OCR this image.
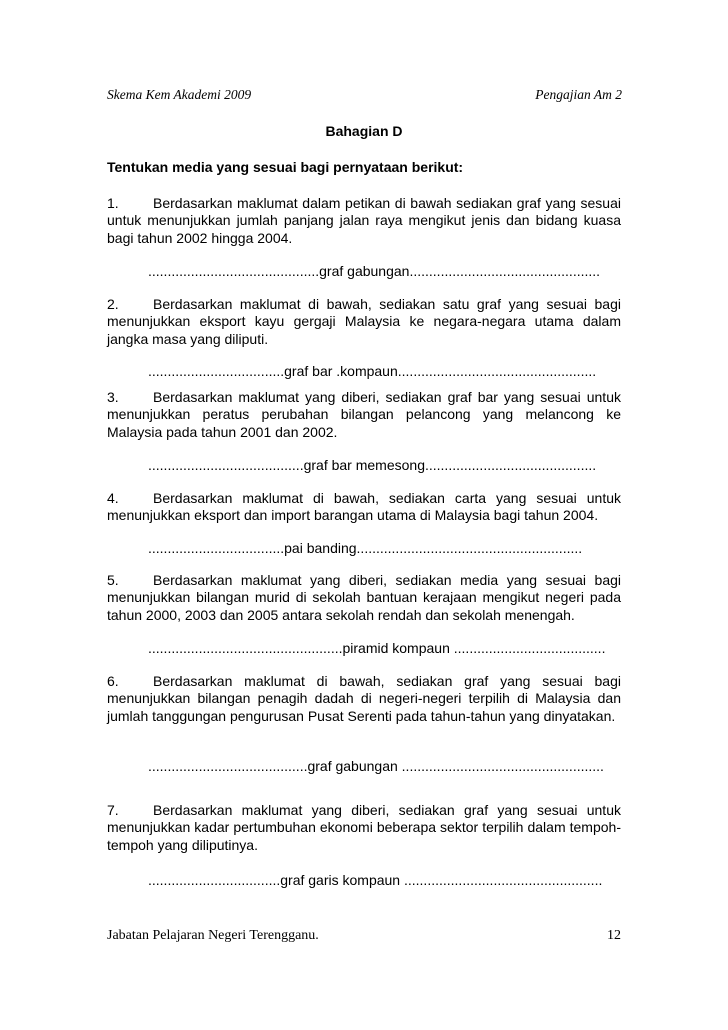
Skema Kem Akademi 2009	Pengajian Am 2
Bahagian D
Tentukan media yang sesuai bagi pernyataan berikut:
1. Berdasarkan maklumat dalam petikan di bawah sediakan graf yang sesuai untuk menunjukkan jumlah panjang jalan raya mengikut jenis dan bidang kuasa bagi tahun 2002 hingga 2004.
............................................graf gabungan.................................................
2. Berdasarkan maklumat di bawah, sediakan satu graf yang sesuai bagi menunjukkan eksport kayu gergaji Malaysia ke negara-negara utama dalam jangka masa yang diliputi.
...................................graf bar .kompaun...................................................
3. Berdasarkan maklumat yang diberi, sediakan graf bar yang sesuai untuk menunjukkan peratus perubahan bilangan pelancong yang melancong ke Malaysia pada tahun 2001 dan 2002.
........................................graf bar memesong............................................
4. Berdasarkan maklumat di bawah, sediakan carta yang sesuai untuk menunjukkan eksport dan import barangan utama di Malaysia bagi tahun 2004.
...................................pai banding..........................................................
5. Berdasarkan maklumat yang diberi, sediakan media yang sesuai bagi menunjukkan bilangan murid di sekolah bantuan kerajaan mengikut negeri pada tahun 2000, 2003 dan 2005 antara sekolah rendah dan sekolah menengah.
..................................................piramid kompaun .......................................
6. Berdasarkan maklumat di bawah, sediakan graf yang sesuai bagi menunjukkan bilangan penagih dadah di negeri-negeri terpilih di Malaysia dan jumlah tanggungan pengurusan Pusat Serenti pada tahun-tahun yang dinyatakan.
.........................................graf gabungan ....................................................
7. Berdasarkan maklumat yang diberi, sediakan graf yang sesuai untuk menunjukkan kadar pertumbuhan ekonomi beberapa sektor terpilih dalam tempoh-tempoh yang diliputinya.
..................................graf garis kompaun ...................................................
Jabatan Pelajaran Negeri Terengganu.	12
